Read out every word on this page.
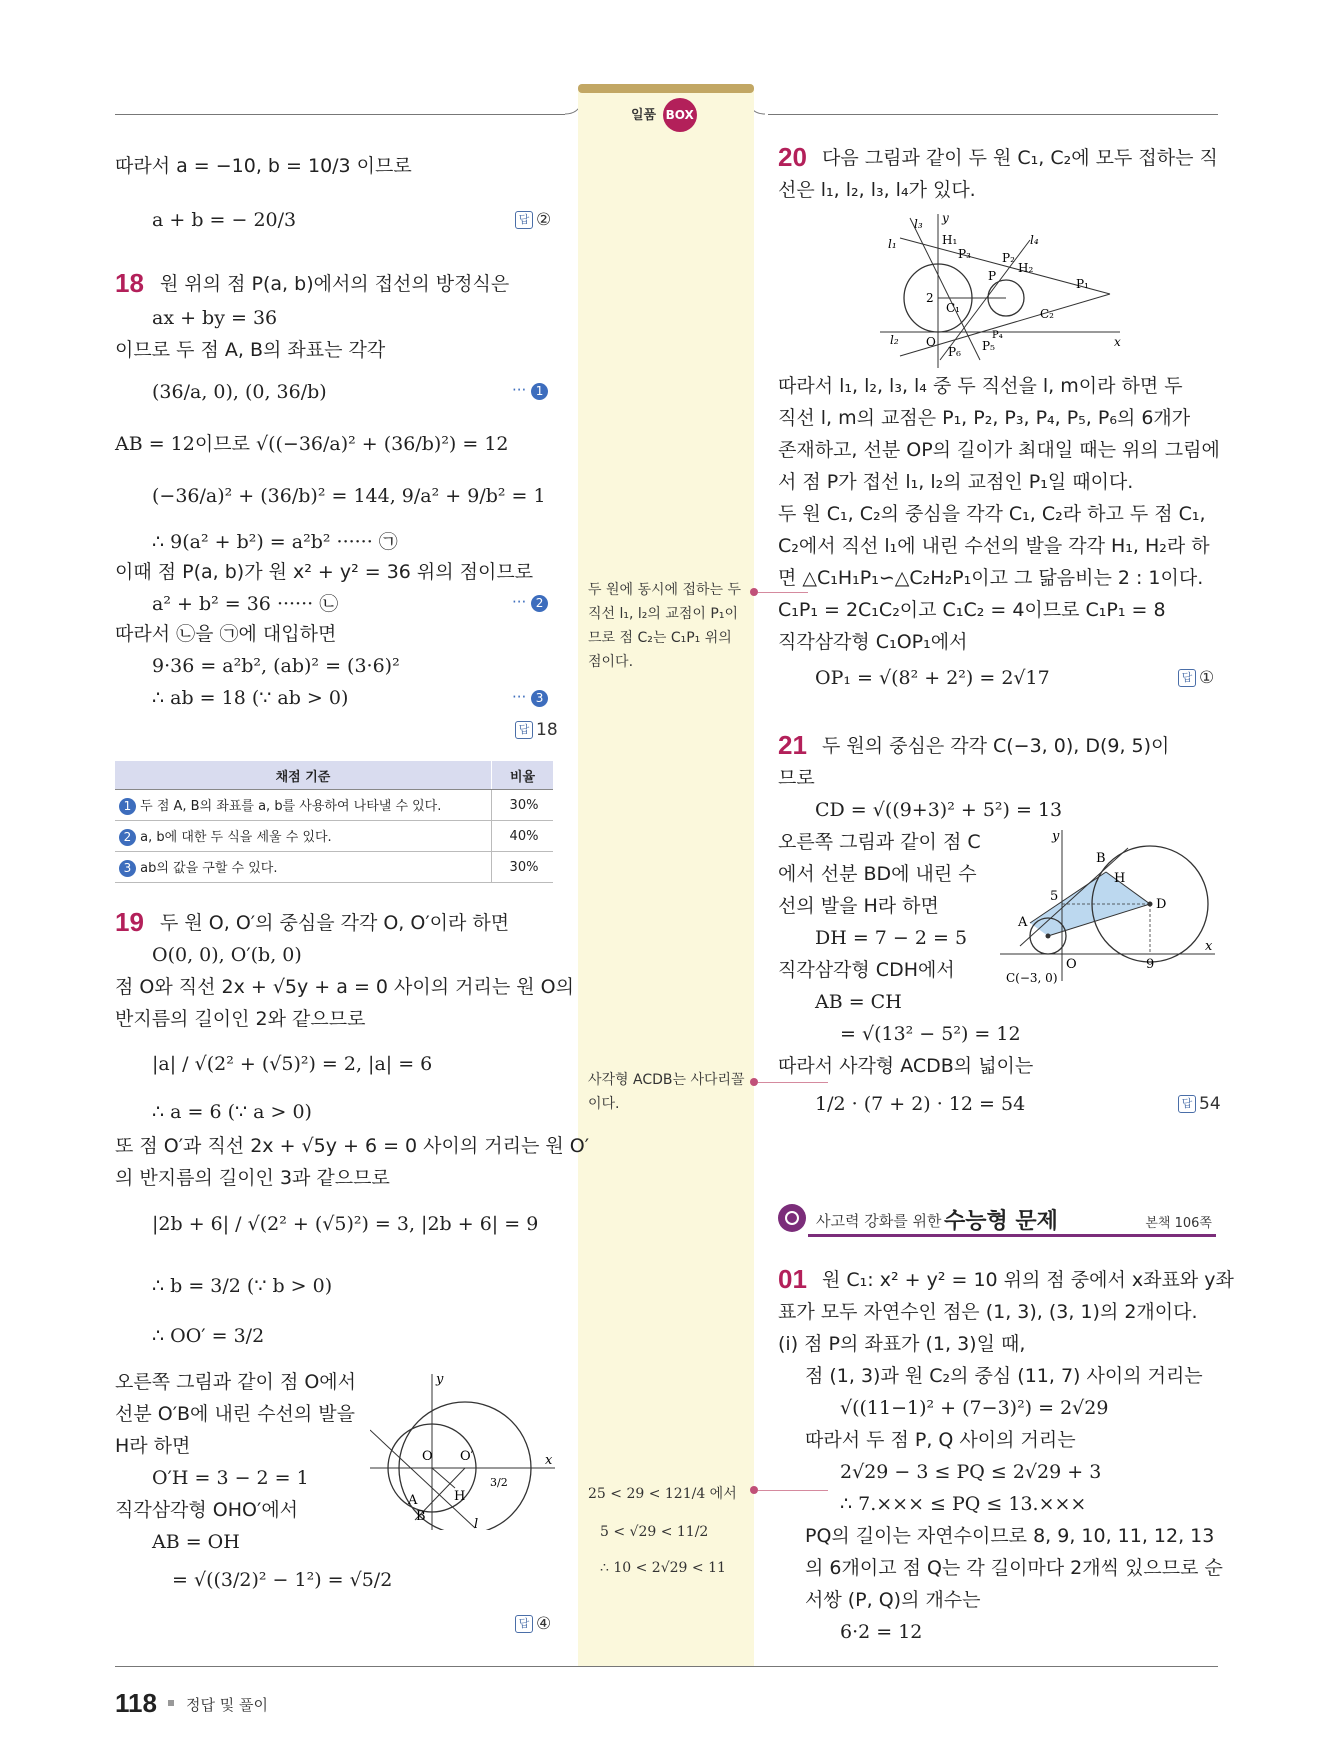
일품 BOX
따라서 a = −10, b = 10/3 이므로
a + b = − 20/3	답 ②
18 원 위의 점 P(a, b)에서의 접선의 방정식은
ax + by = 36
이므로 두 점 A, B의 좌표는 각각
(36/a, 0), (0, 36/b)	··· 1
AB = 12이므로 √((−36/a)² + (36/b)²) = 12
(−36/a)² + (36/b)² = 144, 9/a² + 9/b² = 1
∴ 9(a² + b²) = a²b² ······ ㉠
이때 점 P(a, b)가 원 x² + y² = 36 위의 점이므로
a² + b² = 36 ······ ㉡	··· 2
따라서 ㉡을 ㉠에 대입하면
9·36 = a²b², (ab)² = (3·6)²
∴ ab = 18 (∵ ab > 0)	··· 3
답 18
채점 기준	비율
1 두 점 A, B의 좌표를 a, b를 사용하여 나타낼 수 있다.	30%
2 a, b에 대한 두 식을 세울 수 있다.	40%
3 ab의 값을 구할 수 있다.	30%
19 두 원 O, O′의 중심을 각각 O, O′이라 하면
O(0, 0), O′(b, 0)
점 O와 직선 2x + √5y + a = 0 사이의 거리는 원 O의
반지름의 길이인 2와 같으므로
|a| / √(2² + (√5)²) = 2, |a| = 6
∴ a = 6 (∵ a > 0)
또 점 O′과 직선 2x + √5y + 6 = 0 사이의 거리는 원 O′
의 반지름의 길이인 3과 같으므로
|2b + 6| / √(2² + (√5)²) = 3, |2b + 6| = 9
∴ b = 3/2 (∵ b > 0)
∴ OO′ = 3/2
오른쪽 그림과 같이 점 O에서
선분 O′B에 내린 수선의 발을
H라 하면
O′H = 3 − 2 = 1
직각삼각형 OHO′에서
AB = OH
= √((3/2)² − 1²) = √5/2
답 ④
y
x
O O′
H
A
B
l
3/2
두 원에 동시에 접하는 두 직선 l₁, l₂의 교점이 P₁이므로 점 C₂는 C₁P₁ 위의 점이다.
사각형 ACDB는 사다리꼴이다.
25 < 29 < 121/4 에서
5 < √29 < 11/2
∴ 10 < 2√29 < 11
20 다음 그림과 같이 두 원 C₁, C₂에 모두 접하는 직
선은 l₁, l₂, l₃, l₄가 있다.
l₃
l₁	l₄
l₂
y
x
O
H₁
H₂
P
P₁
P₂
P₃
P₄
P₅
P₆
C₁	C₂
2
따라서 l₁, l₂, l₃, l₄ 중 두 직선을 l, m이라 하면 두
직선 l, m의 교점은 P₁, P₂, P₃, P₄, P₅, P₆의 6개가
존재하고, 선분 OP의 길이가 최대일 때는 위의 그림에
서 점 P가 접선 l₁, l₂의 교점인 P₁일 때이다.
두 원 C₁, C₂의 중심을 각각 C₁, C₂라 하고 두 점 C₁,
C₂에서 직선 l₁에 내린 수선의 발을 각각 H₁, H₂라 하
면 △C₁H₁P₁∽△C₂H₂P₁이고 그 닮음비는 2 : 1이다.
C₁P₁ = 2C₁C₂이고 C₁C₂ = 4이므로 C₁P₁ = 8
직각삼각형 C₁OP₁에서
OP₁ = √(8² + 2²) = 2√17	답 ①
21 두 원의 중심은 각각 C(−3, 0), D(9, 5)이
므로
CD = √((9+3)² + 5²) = 13
오른쪽 그림과 같이 점 C
에서 선분 BD에 내린 수
선의 발을 H라 하면
DH = 7 − 2 = 5
직각삼각형 CDH에서
AB = CH
= √(13² − 5²) = 12
따라서 사각형 ACDB의 넓이는
1/2 · (7 + 2) · 12 = 54	답 54
y
x
B
H
D
A
O
5
9
C(−3, 0)
사고력 강화를 위한 수능형 문제	본책 106쪽
01 원 C₁: x² + y² = 10 위의 점 중에서 x좌표와 y좌
표가 모두 자연수인 점은 (1, 3), (3, 1)의 2개이다.
(i) 점 P의 좌표가 (1, 3)일 때,
점 (1, 3)과 원 C₂의 중심 (11, 7) 사이의 거리는
√((11−1)² + (7−3)²) = 2√29
따라서 두 점 P, Q 사이의 거리는
2√29 − 3 ≤ PQ ≤ 2√29 + 3
∴ 7.××× ≤ PQ ≤ 13.×××
PQ의 길이는 자연수이므로 8, 9, 10, 11, 12, 13
의 6개이고 점 Q는 각 길이마다 2개씩 있으므로 순
서쌍 (P, Q)의 개수는
6·2 = 12
118 정답 및 풀이
